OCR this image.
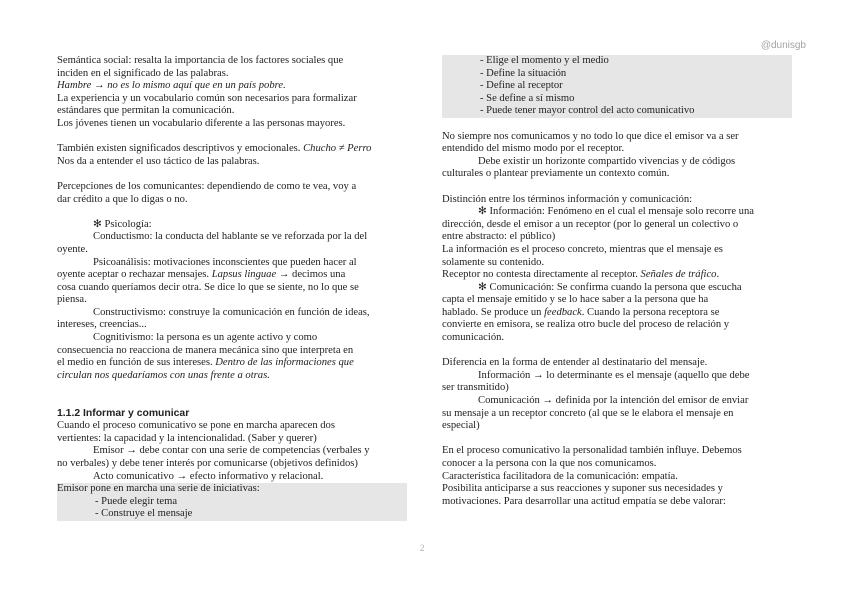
@dunisgb

Semántica social: resalta la importancia de los factores sociales que

inciden en el significado de las palabras.

Hambre → no es lo mismo aquí que en un país pobre.

La experiencia y un vocabulario común son necesarios para formalizar

estándares que permitan la comunicación.

Los jóvenes tienen un vocabulario diferente a las personas mayores.

También existen significados descriptivos y emocionales. Chucho ≠ Perro

Nos da a entender el uso táctico de las palabras.

Percepciones de los comunicantes: dependiendo de como te vea, voy a

dar crédito a que lo digas o no.

✻ Psicología:

Conductismo: la conducta del hablante se ve reforzada por la del

oyente.

Psicoanálisis: motivaciones inconscientes que pueden hacer al

oyente aceptar o rechazar mensajes. Lapsus linguae → decimos una

cosa cuando queríamos decir otra. Se dice lo que se siente, no lo que se

piensa.

Constructivismo: construye la comunicación en función de ideas,

intereses, creencias...

Cognitivismo: la persona es un agente activo y como

consecuencia no reacciona de manera mecánica sino que interpreta en

el medio en función de sus intereses. Dentro de las informaciones que

circulan nos quedaríamos con unas frente a otras.

1.1.2 Informar y comunicar

Cuando el proceso comunicativo se pone en marcha aparecen dos

vertientes: la capacidad y la intencionalidad. (Saber y querer)

Emisor → debe contar con una serie de competencias (verbales y

no verbales) y debe tener interés por comunicarse (objetivos definidos)

Acto comunicativo → efecto informativo y relacional.

Emisor pone en marcha una serie de iniciativas:

- Puede elegir tema

- Construye el mensaje

- Elige el momento y el medio

- Define la situación

- Define al receptor

- Se define a sí mismo

- Puede tener mayor control del acto comunicativo

No siempre nos comunicamos y no todo lo que dice el emisor va a ser

entendido del mismo modo por el receptor.

Debe existir un horizonte compartido vivencias y de códigos

culturales o plantear previamente un contexto común.

Distinción entre los términos información y comunicación:

✻ Información: Fenómeno en el cual el mensaje solo recorre una

dirección, desde el emisor a un receptor (por lo general un colectivo o

entre abstracto: el público)

La información es el proceso concreto, mientras que el mensaje es

solamente su contenido.

Receptor no contesta directamente al receptor. Señales de tráfico.

✻ Comunicación: Se confirma cuando la persona que escucha

capta el mensaje emitido y se lo hace saber a la persona que ha

hablado. Se produce un feedback. Cuando la persona receptora se

convierte en emisora, se realiza otro bucle del proceso de relación y

comunicación.

Diferencia en la forma de entender al destinatario del mensaje.

Información → lo determinante es el mensaje (aquello que debe

ser transmitido)

Comunicación → definida por la intención del emisor de enviar

su mensaje a un receptor concreto (al que se le elabora el mensaje en

especial)

En el proceso comunicativo la personalidad también influye. Debemos

conocer a la persona con la que nos comunicamos.

Característica facilitadora de la comunicación: empatía.

Posibilita anticiparse a sus reacciones y suponer sus necesidades y

motivaciones. Para desarrollar una actitud empatía se debe valorar:

2
